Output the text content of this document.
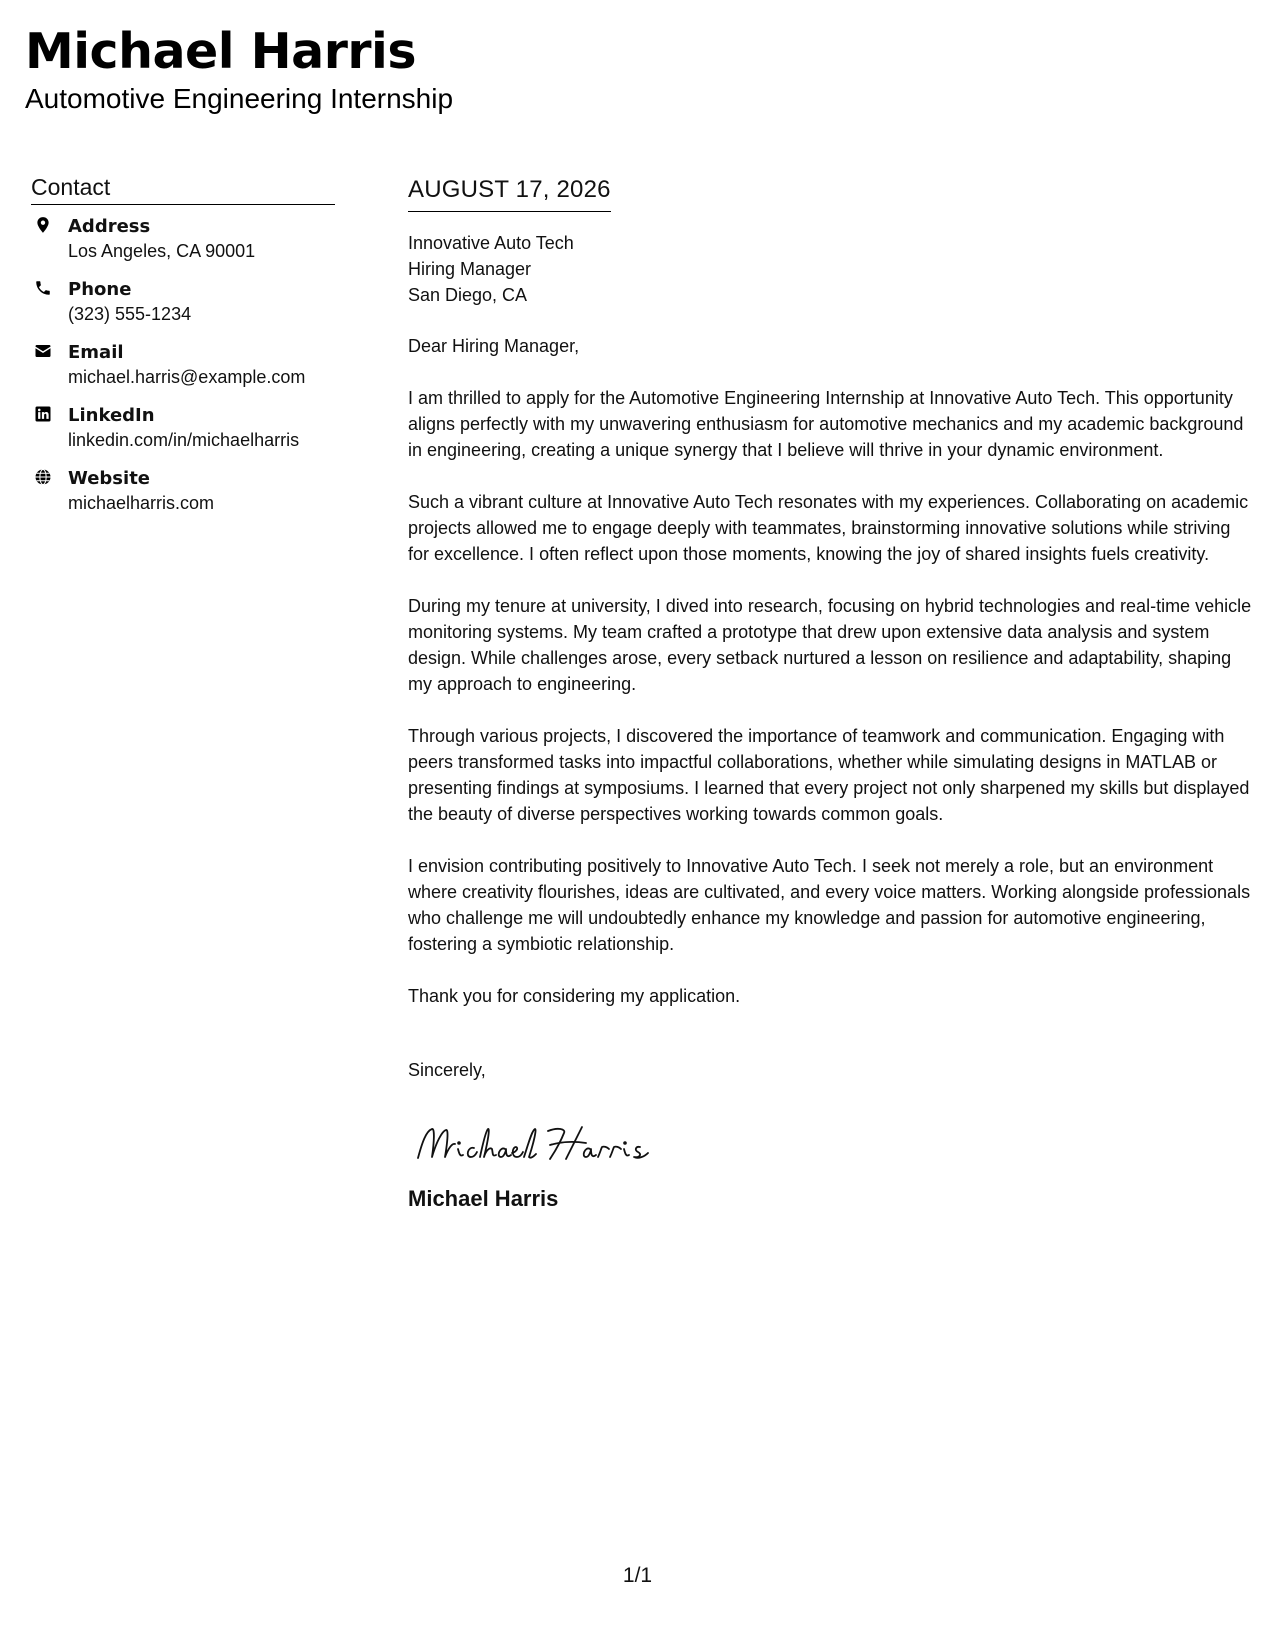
Michael Harris
Automotive Engineering Internship
Contact
Address
Los Angeles, CA 90001
Phone
(323) 555-1234
Email
michael.harris@example.com
LinkedIn
linkedin.com/in/michaelharris
Website
michaelharris.com
AUGUST 17, 2026
Innovative Auto Tech
Hiring Manager
San Diego, CA

Dear Hiring Manager,

I am thrilled to apply for the Automotive Engineering Internship at Innovative Auto Tech. This opportunity aligns perfectly with my unwavering enthusiasm for automotive mechanics and my academic background in engineering, creating a unique synergy that I believe will thrive in your dynamic environment.

Such a vibrant culture at Innovative Auto Tech resonates with my experiences. Collaborating on academic projects allowed me to engage deeply with teammates, brainstorming innovative solutions while striving for excellence. I often reflect upon those moments, knowing the joy of shared insights fuels creativity.

During my tenure at university, I dived into research, focusing on hybrid technologies and real-time vehicle monitoring systems. My team crafted a prototype that drew upon extensive data analysis and system design. While challenges arose, every setback nurtured a lesson on resilience and adaptability, shaping my approach to engineering.

Through various projects, I discovered the importance of teamwork and communication. Engaging with peers transformed tasks into impactful collaborations, whether while simulating designs in MATLAB or presenting findings at symposiums. I learned that every project not only sharpened my skills but displayed the beauty of diverse perspectives working towards common goals.

I envision contributing positively to Innovative Auto Tech. I seek not merely a role, but an environment where creativity flourishes, ideas are cultivated, and every voice matters. Working alongside professionals who challenge me will undoubtedly enhance my knowledge and passion for automotive engineering, fostering a symbiotic relationship.

Thank you for considering my application.

Sincerely,

Michael Harris
1/1
